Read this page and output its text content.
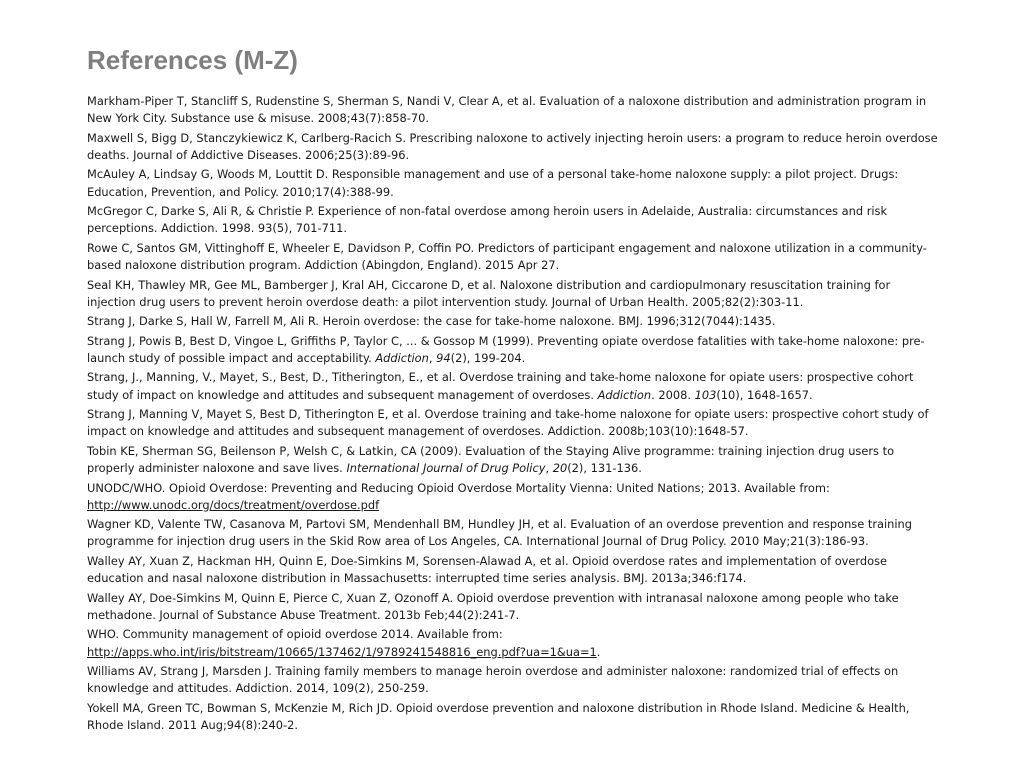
References (M-Z)
Markham-Piper T, Stancliff S, Rudenstine S, Sherman S, Nandi V, Clear A, et al. Evaluation of a naloxone distribution and administration program in New York City. Substance use & misuse. 2008;43(7):858-70.
Maxwell S, Bigg D, Stanczykiewicz K, Carlberg-Racich S. Prescribing naloxone to actively injecting heroin users: a program to reduce heroin overdose deaths. Journal of Addictive Diseases. 2006;25(3):89-96.
McAuley A, Lindsay G, Woods M, Louttit D. Responsible management and use of a personal take-home naloxone supply: a pilot project. Drugs: Education, Prevention, and Policy. 2010;17(4):388-99.
McGregor C, Darke S, Ali R, & Christie P. Experience of non-fatal overdose among heroin users in Adelaide, Australia: circumstances and risk perceptions. Addiction. 1998. 93(5), 701-711.
Rowe C, Santos GM, Vittinghoff E, Wheeler E, Davidson P, Coffin PO. Predictors of participant engagement and naloxone utilization in a community-based naloxone distribution program. Addiction (Abingdon, England). 2015 Apr 27.
Seal KH, Thawley MR, Gee ML, Bamberger J, Kral AH, Ciccarone D, et al. Naloxone distribution and cardiopulmonary resuscitation training for injection drug users to prevent heroin overdose death: a pilot intervention study. Journal of Urban Health. 2005;82(2):303-11.
Strang J, Darke S, Hall W, Farrell M, Ali R. Heroin overdose: the case for take-home naloxone. BMJ. 1996;312(7044):1435.
Strang J, Powis B, Best D, Vingoe L, Griffiths P, Taylor C, ... & Gossop M (1999). Preventing opiate overdose fatalities with take-home naloxone: pre-launch study of possible impact and acceptability. Addiction, 94(2), 199-204.
Strang, J., Manning, V., Mayet, S., Best, D., Titherington, E., et al. Overdose training and take-home naloxone for opiate users: prospective cohort study of impact on knowledge and attitudes and subsequent management of overdoses. Addiction. 2008. 103(10), 1648-1657.
Strang J, Manning V, Mayet S, Best D, Titherington E, et al. Overdose training and take-home naloxone for opiate users: prospective cohort study of impact on knowledge and attitudes and subsequent management of overdoses. Addiction. 2008b;103(10):1648-57.
Tobin KE, Sherman SG, Beilenson P, Welsh C, & Latkin, CA (2009). Evaluation of the Staying Alive programme: training injection drug users to properly administer naloxone and save lives. International Journal of Drug Policy, 20(2), 131-136.
UNODC/WHO. Opioid Overdose: Preventing and Reducing Opioid Overdose Mortality Vienna: United Nations; 2013. Available from: http://www.unodc.org/docs/treatment/overdose.pdf
Wagner KD, Valente TW, Casanova M, Partovi SM, Mendenhall BM, Hundley JH, et al. Evaluation of an overdose prevention and response training programme for injection drug users in the Skid Row area of Los Angeles, CA. International Journal of Drug Policy. 2010 May;21(3):186-93.
Walley AY, Xuan Z, Hackman HH, Quinn E, Doe-Simkins M, Sorensen-Alawad A, et al. Opioid overdose rates and implementation of overdose education and nasal naloxone distribution in Massachusetts: interrupted time series analysis. BMJ. 2013a;346:f174.
Walley AY, Doe-Simkins M, Quinn E, Pierce C, Xuan Z, Ozonoff A. Opioid overdose prevention with intranasal naloxone among people who take methadone. Journal of Substance Abuse Treatment. 2013b Feb;44(2):241-7.
WHO. Community management of opioid overdose 2014. Available from: http://apps.who.int/iris/bitstream/10665/137462/1/9789241548816_eng.pdf?ua=1&ua=1.
Williams AV, Strang J, Marsden J. Training family members to manage heroin overdose and administer naloxone: randomized trial of effects on knowledge and attitudes. Addiction. 2014, 109(2), 250-259.
Yokell MA, Green TC, Bowman S, McKenzie M, Rich JD. Opioid overdose prevention and naloxone distribution in Rhode Island. Medicine & Health, Rhode Island. 2011 Aug;94(8):240-2.
